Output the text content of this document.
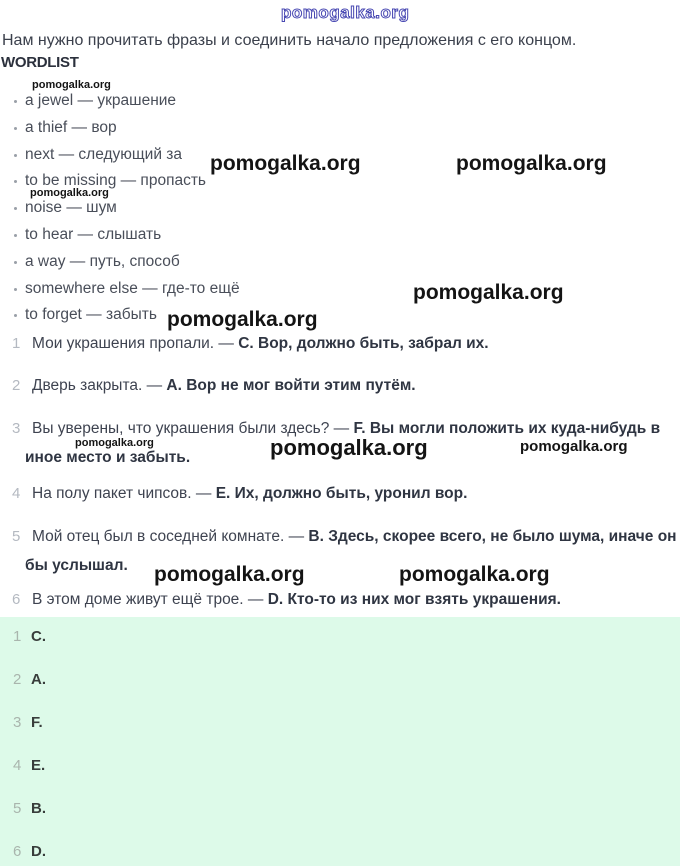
pomogalka.org
pomogalka.org
pomogalka.org	pomogalka.org
pomogalka.org
pomogalka.org
pomogalka.org
pomogalka.org	pomogalka.org	pomogalka.org
pomogalka.org	pomogalka.org

Нам нужно прочитать фразы и соединить начало предложения с его концом.

WORDLIST
a jewel — украшение
a thief — вор
next — следующий за
to be missing — пропасть
noise — шум
to hear — слышать
a way — путь, способ
somewhere else — где-то ещё
to forget — забыть
1 Мои украшения пропали. — C. Вор, должно быть, забрал их.
2 Дверь закрыта. — A. Вор не мог войти этим путём.
3 Вы уверены, что украшения были здесь? — F. Вы могли положить их куда-нибудь в
иное место и забыть.
4 На полу пакет чипсов. — E. Их, должно быть, уронил вор.
5 Мой отец был в соседней комнате. — B. Здесь, скорее всего, не было шума, иначе он
бы услышал.
6 В этом доме живут ещё трое. — D. Кто-то из них мог взять украшения.
1 C.
2 A.
3 F.
4 E.
5 B.
6 D.
